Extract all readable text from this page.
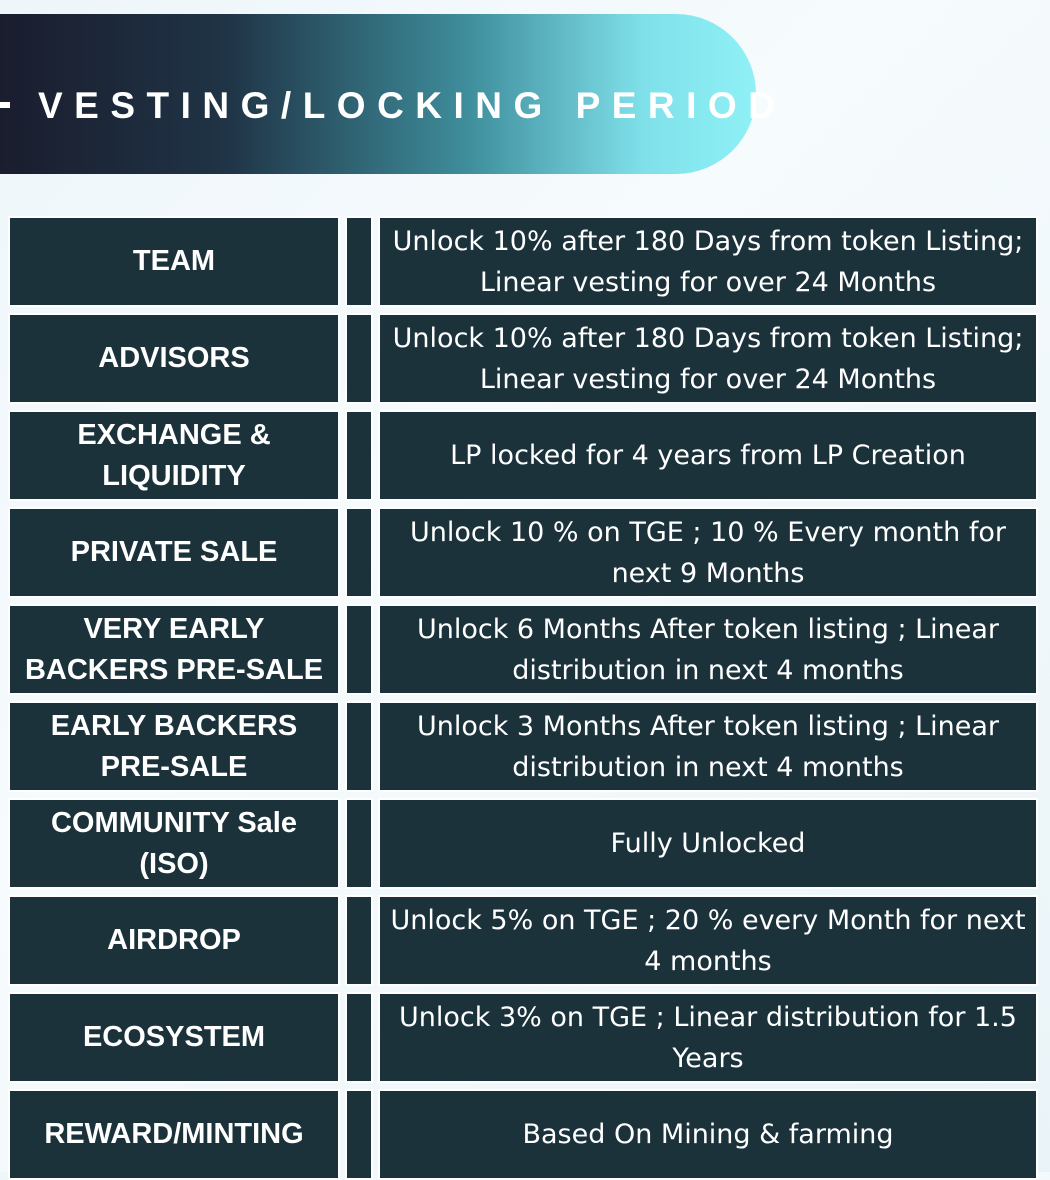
VESTING/LOCKING PERIOD
TEAM
Unlock 10% after 180 Days from token Listing; Linear vesting for over 24 Months
ADVISORS
Unlock 10% after 180 Days from token Listing; Linear vesting for over 24 Months
EXCHANGE & LIQUIDITY
LP locked for 4 years from LP Creation
PRIVATE SALE
Unlock 10 % on TGE ; 10 % Every month for next 9 Months
VERY EARLY BACKERS PRE-SALE
Unlock 6 Months After token listing ; Linear distribution in next 4 months
EARLY BACKERS PRE-SALE
Unlock 3 Months After token listing ; Linear distribution in next 4 months
COMMUNITY Sale (ISO)
Fully Unlocked
AIRDROP
Unlock 5% on TGE ; 20 % every Month for next 4 months
ECOSYSTEM
Unlock 3% on TGE ; Linear distribution for 1.5 Years
REWARD/MINTING	Based On Mining & farming
